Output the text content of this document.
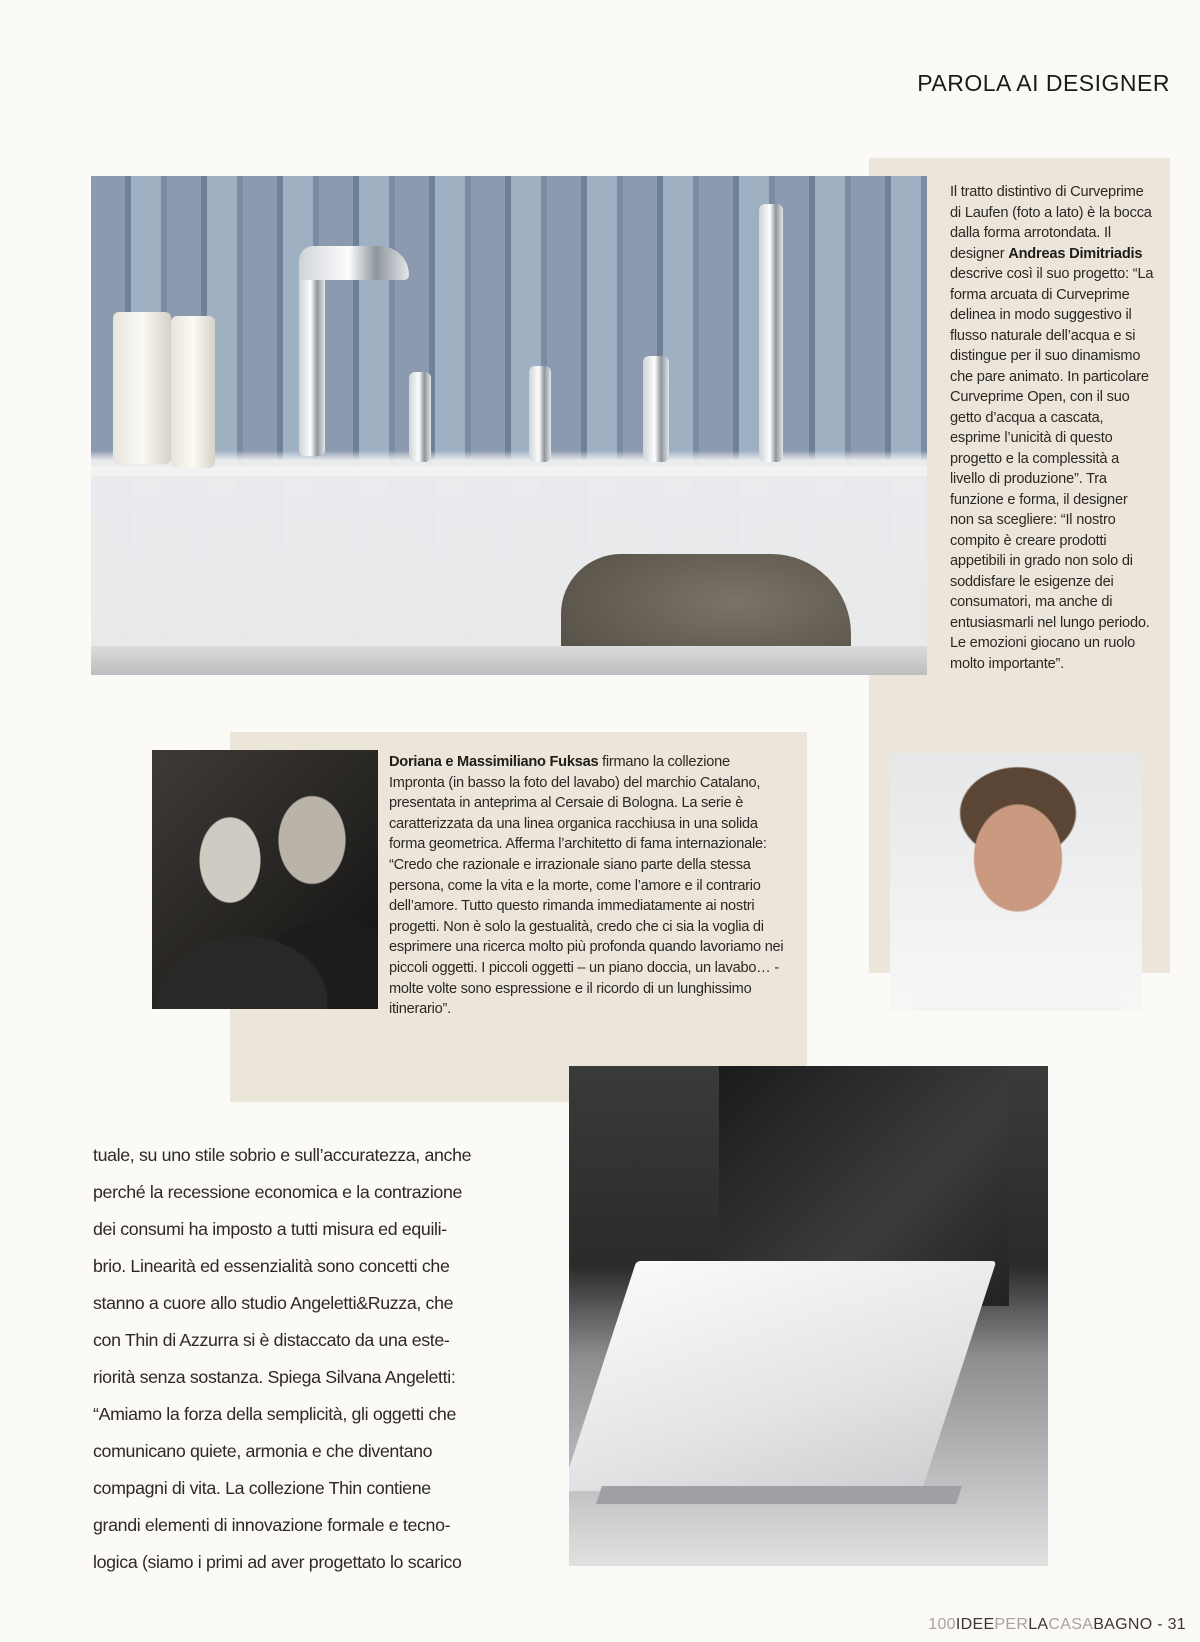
PAROLA AI DESIGNER
Il tratto distintivo di Curveprime di Laufen (foto a lato) è la bocca dalla forma arrotondata. Il designer Andreas Dimitriadis descrive così il suo progetto: “La forma arcuata di Curveprime delinea in modo suggestivo il flusso naturale dell’acqua e si distingue per il suo dinamismo che pare animato. In particolare Curveprime Open, con il suo getto d’acqua a cascata, esprime l’unicità di questo progetto e la complessità a livello di produzione”. Tra funzione e forma, il designer non sa scegliere: “Il nostro compito è creare prodotti appetibili in grado non solo di soddisfare le esigenze dei consumatori, ma anche di entusiasmarli nel lungo periodo. Le emozioni giocano un ruolo molto importante”.
Doriana e Massimiliano Fuksas firmano la collezione Impronta (in basso la foto del lavabo) del marchio Catalano, presentata in anteprima al Cersaie di Bologna. La serie è caratterizzata da una linea organica racchiusa in una solida forma geometrica. Afferma l’architetto di fama internazionale: “Credo che razionale e irrazionale siano parte della stessa persona, come la vita e la morte, come l’amore e il contrario dell’amore. Tutto questo rimanda immediatamente ai nostri progetti. Non è solo la gestualità, credo che ci sia la voglia di esprimere una ricerca molto più profonda quando lavoriamo nei piccoli oggetti. I piccoli oggetti – un piano doccia, un lavabo… - molte volte sono espressione e il ricordo di un lunghissimo itinerario”.

tuale, su uno stile sobrio e sull’accuratezza, anche

perché la recessione economica e la contrazione

dei consumi ha imposto a tutti misura ed equili-

brio. Linearità ed essenzialità sono concetti che

stanno a cuore allo studio Angeletti&Ruzza, che

con Thin di Azzurra si è distaccato da una este-

riorità senza sostanza. Spiega Silvana Angeletti:

“Amiamo la forza della semplicità, gli oggetti che

comunicano quiete, armonia e che diventano

compagni di vita. La collezione Thin contiene

grandi elementi di innovazione formale e tecno-

logica (siamo i primi ad aver progettato lo scarico

100IDEEPERLACASABAGNO - 31
